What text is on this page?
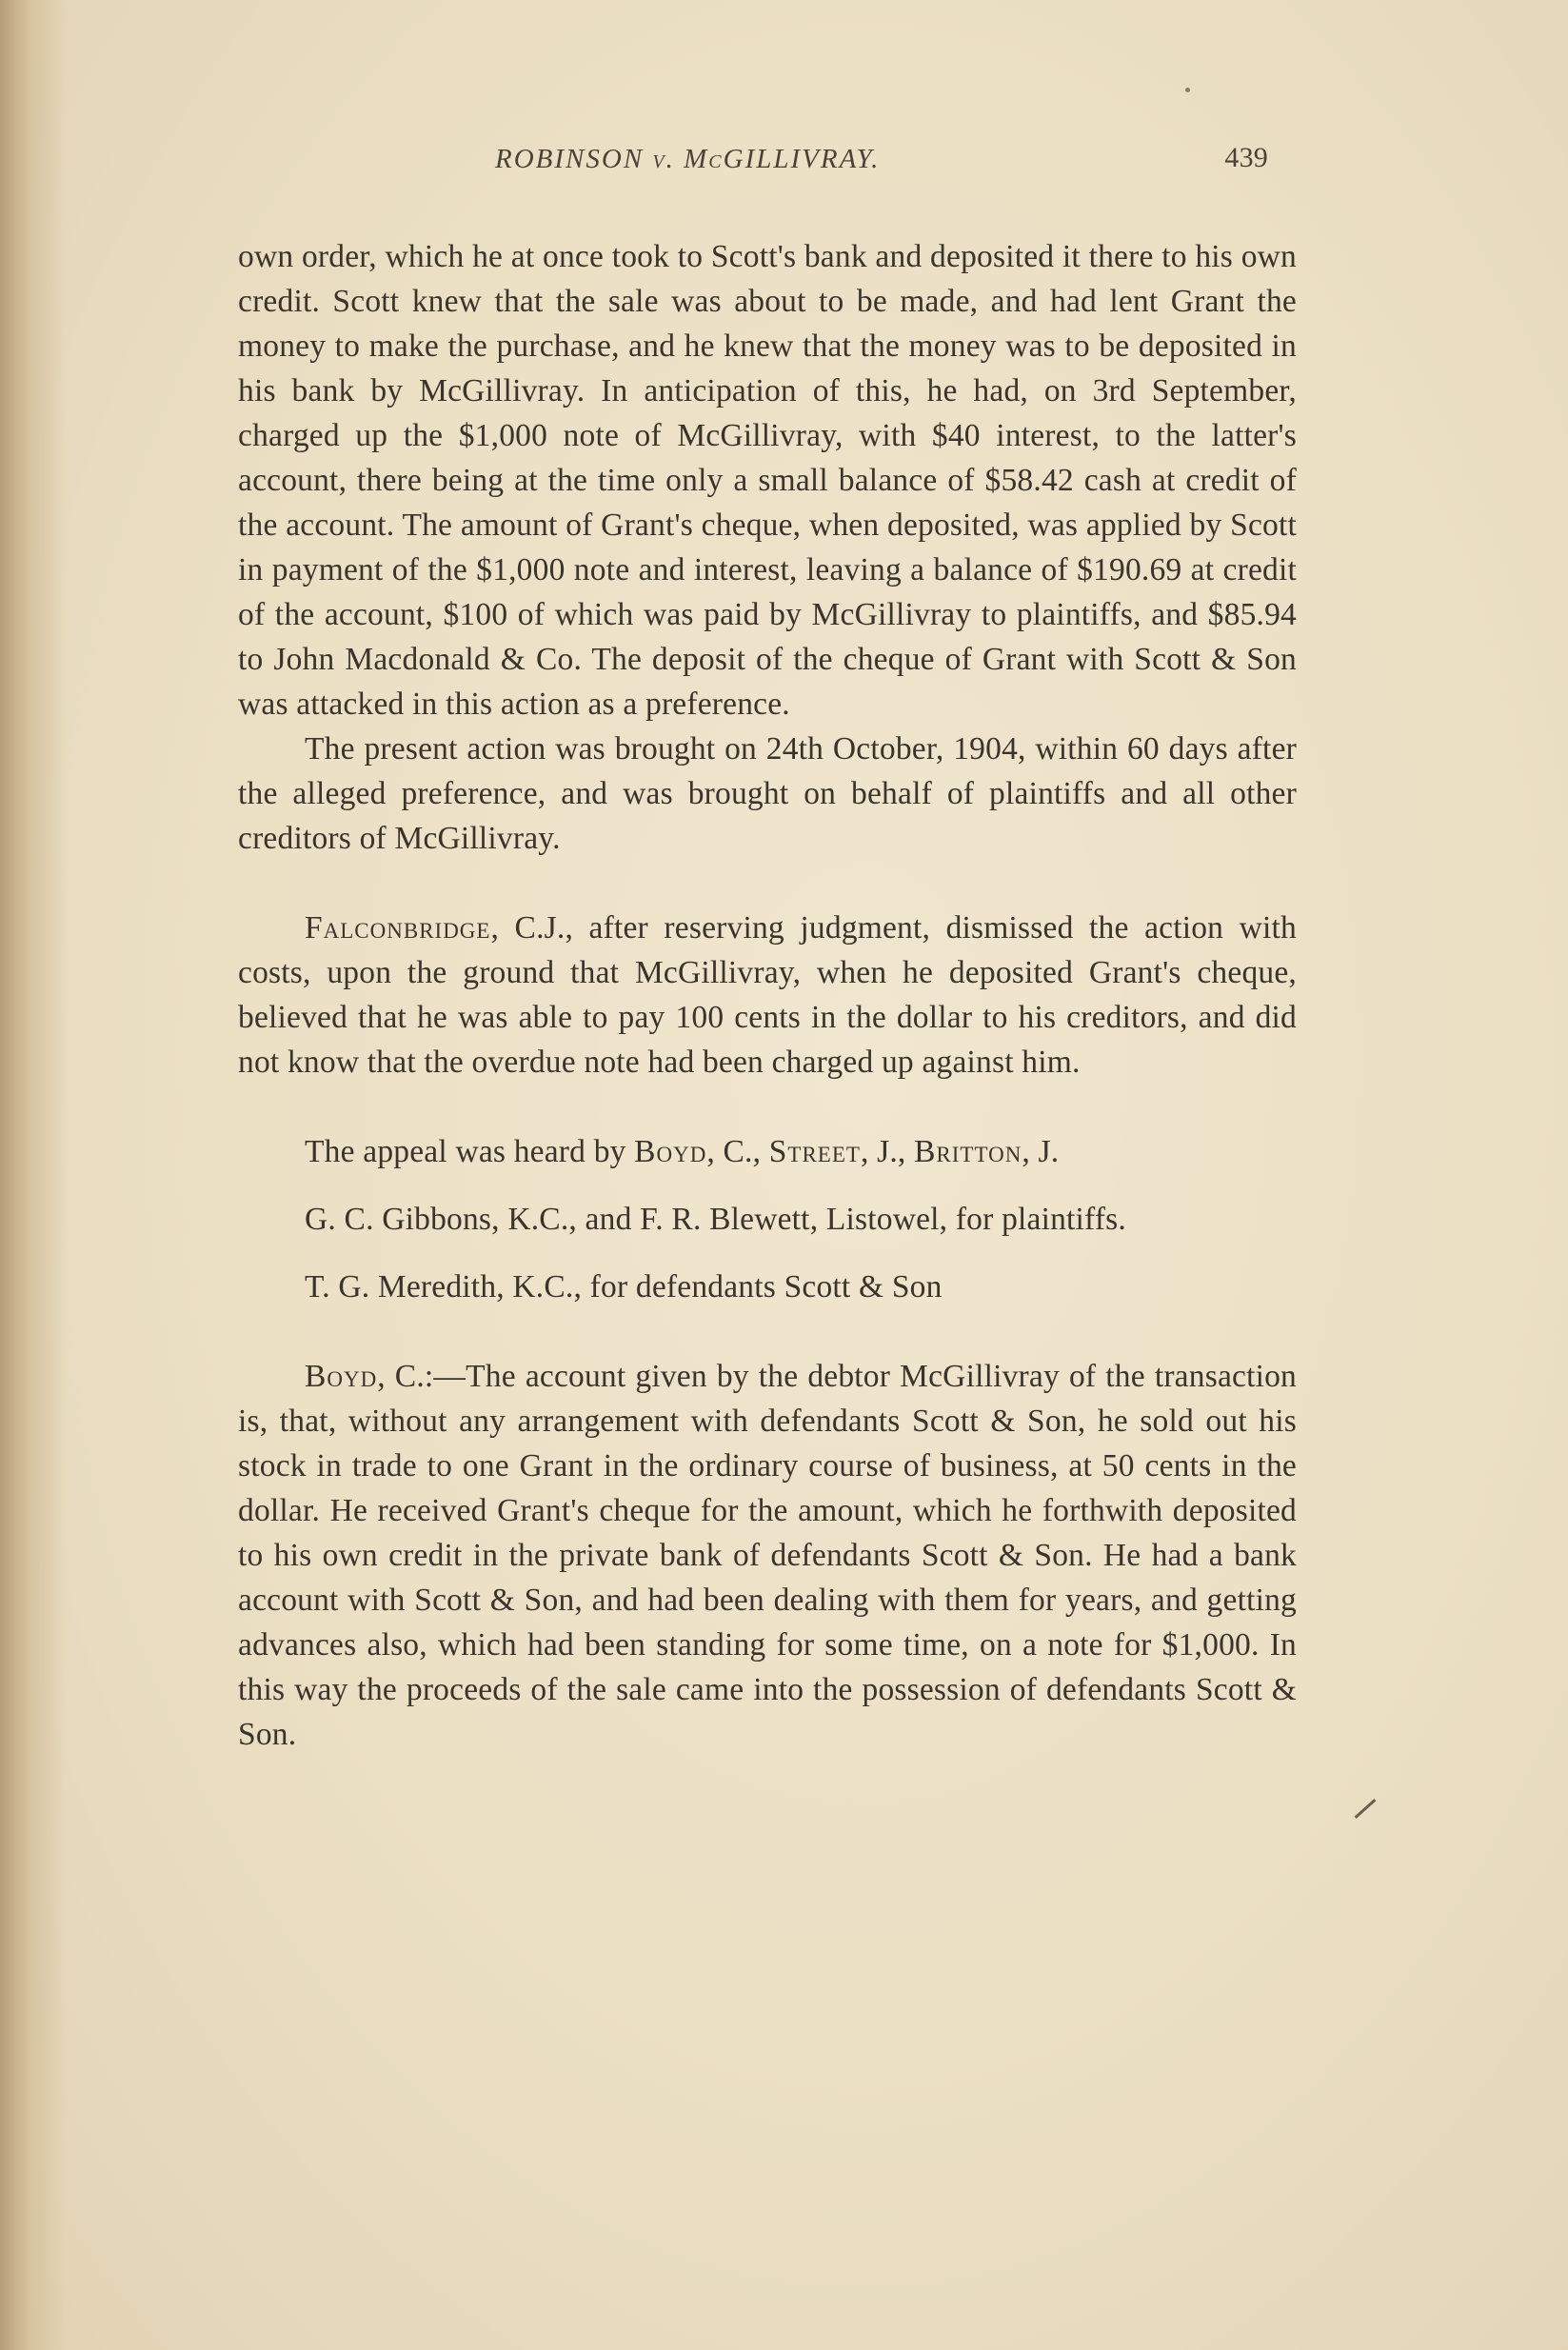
ROBINSON v. McGILLIVRAY.	439

own order, which he at once took to Scott's bank and deposited it there to his own credit. Scott knew that the sale was about to be made, and had lent Grant the money to make the purchase, and he knew that the money was to be deposited in his bank by McGillivray. In anticipation of this, he had, on 3rd September, charged up the $1,000 note of McGillivray, with $40 interest, to the latter's account, there being at the time only a small balance of $58.42 cash at credit of the account. The amount of Grant's cheque, when deposited, was applied by Scott in payment of the $1,000 note and interest, leaving a balance of $190.69 at credit of the account, $100 of which was paid by McGillivray to plaintiffs, and $85.94 to John Macdonald & Co. The deposit of the cheque of Grant with Scott & Son was attacked in this action as a preference.

The present action was brought on 24th October, 1904, within 60 days after the alleged preference, and was brought on behalf of plaintiffs and all other creditors of McGillivray.

Falconbridge, C.J., after reserving judgment, dismissed the action with costs, upon the ground that McGillivray, when he deposited Grant's cheque, believed that he was able to pay 100 cents in the dollar to his creditors, and did not know that the overdue note had been charged up against him.

The appeal was heard by Boyd, C., Street, J., Britton, J.

G. C. Gibbons, K.C., and F. R. Blewett, Listowel, for plaintiffs.

T. G. Meredith, K.C., for defendants Scott & Son

Boyd, C.:—The account given by the debtor McGillivray of the transaction is, that, without any arrangement with defendants Scott & Son, he sold out his stock in trade to one Grant in the ordinary course of business, at 50 cents in the dollar. He received Grant's cheque for the amount, which he forthwith deposited to his own credit in the private bank of defendants Scott & Son. He had a bank account with Scott & Son, and had been dealing with them for years, and getting advances also, which had been standing for some time, on a note for $1,000. In this way the proceeds of the sale came into the possession of defendants Scott & Son.
